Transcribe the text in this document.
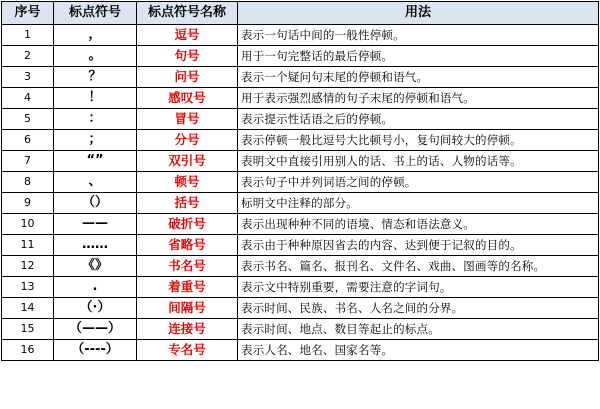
序号	标点符号	标点符号名称	用法
1	，	逗号	表示一句话中间的一般性停顿。
2	。	句号	用于一句完整话的最后停顿。
3	？	问号	表示一个疑问句末尾的停顿和语气。
4	！	感叹号	用于表示强烈感情的句子末尾的停顿和语气。
5	：	冒号	表示提示性话语之后的停顿。
6	；	分号	表示停顿一般比逗号大比顿号小，复句间较大的停顿。
7	“”	双引号	表明文中直接引用别人的话、书上的话、人物的话等。
8	、	顿号	表示句子中并列词语之间的停顿。
9	（）	括号	标明文中注释的部分。
10	——	破折号	表示出现种种不同的语境、情态和语法意义。
11	……	省略号	表示由于种种原因省去的内容、达到便于记叙的目的。
12	《》	书名号	表示书名、篇名、报刊名、文件名、戏曲、图画等的名称。
13	.	着重号	表示文中特别重要，需要注意的字词句。
14	（·）	间隔号	表示时间、民族、书名、人名之间的分界。
15	（——）	连接号	表示时间、地点、数目等起止的标点。
16	（----）	专名号	表示人名、地名、国家名等。
